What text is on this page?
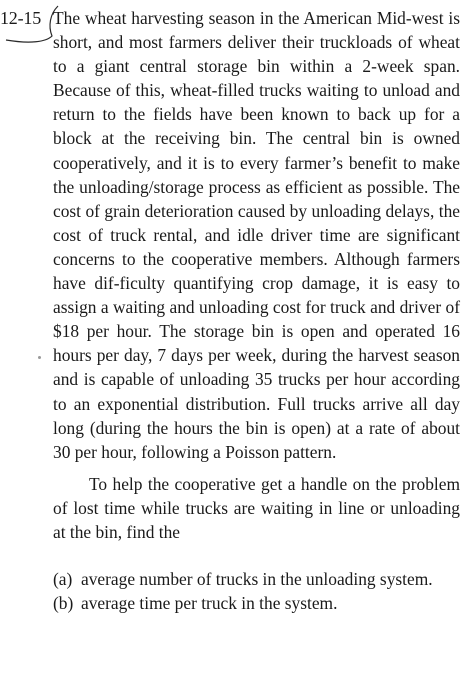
12-15 The wheat harvesting season in the American Mid-west is short, and most farmers deliver their truckloads of wheat to a giant central storage bin within a 2-week span. Because of this, wheat-filled trucks waiting to unload and return to the fields have been known to back up for a block at the receiving bin. The central bin is owned cooperatively, and it is to every farmer’s benefit to make the unloading/storage process as efficient as possible. The cost of grain deterioration caused by unloading delays, the cost of truck rental, and idle driver time are significant concerns to the cooperative members. Although farmers have dif-ficulty quantifying crop damage, it is easy to assign a waiting and unloading cost for truck and driver of $18 per hour. The storage bin is open and operated 16 hours per day, 7 days per week, during the harvest season and is capable of unloading 35 trucks per hour according to an exponential distribution. Full trucks arrive all day long (during the hours the bin is open) at a rate of about 30 per hour, following a Poisson pattern.

To help the cooperative get a handle on the problem of lost time while trucks are waiting in line or unloading at the bin, find the

(a) average number of trucks in the unloading system.
(b) average time per truck in the system.
